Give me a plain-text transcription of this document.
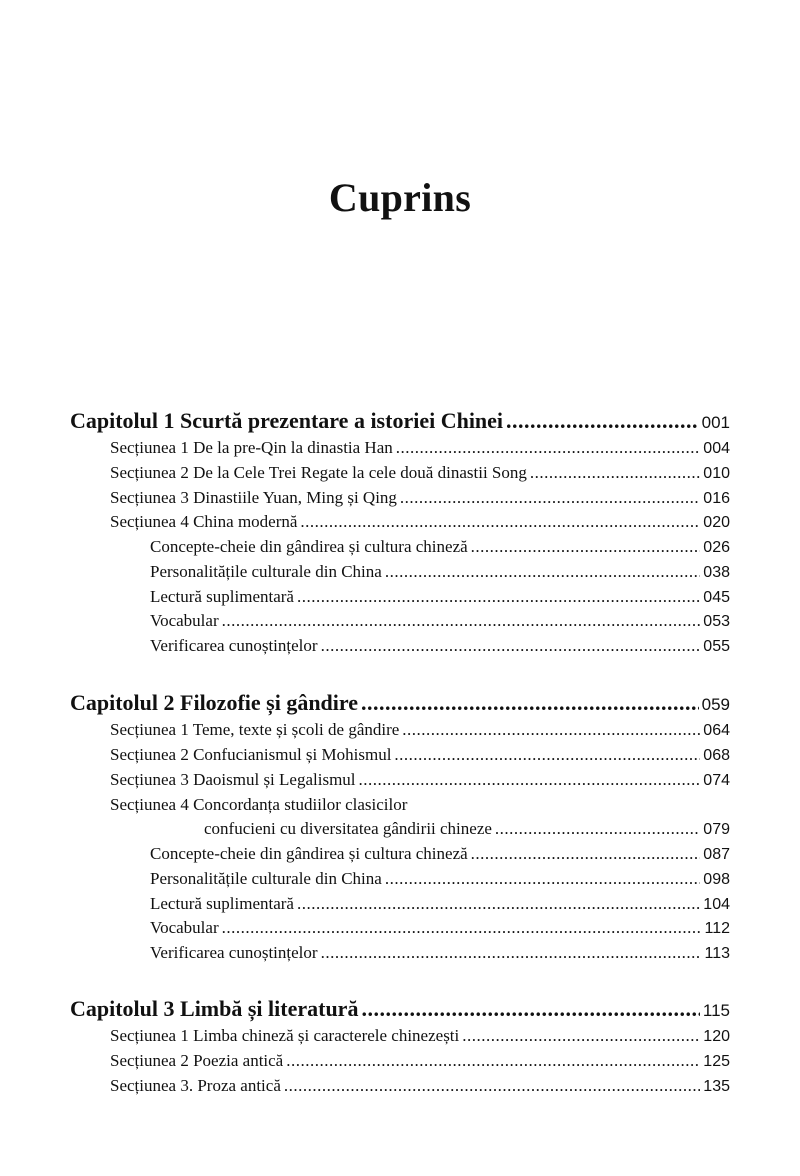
Cuprins
Capitolul 1 Scurtă prezentare a istoriei Chinei .....	001
Secțiunea 1 De la pre-Qin la dinastia Han .....	004
Secțiunea 2 De la Cele Trei Regate la cele două dinastii Song .....	010
Secțiunea 3 Dinastiile Yuan, Ming și Qing .....	016
Secțiunea 4 China modernă .....	020
Concepte-cheie din gândirea și cultura chineză .....	026
Personalitățile culturale din China .....	038
Lectură suplimentară .....	045
Vocabular .....	053
Verificarea cunoștințelor .....	055
Capitolul 2 Filozofie și gândire .....	059
Secțiunea 1 Teme, texte și școli de gândire .....	064
Secțiunea 2 Confucianismul și Mohismul .....	068
Secțiunea 3 Daoismul și Legalismul .....	074
Secțiunea 4 Concordanța studiilor clasicilor
confucieni cu diversitatea gândirii chineze .....	079
Concepte-cheie din gândirea și cultura chineză .....	087
Personalitățile culturale din China .....	098
Lectură suplimentară .....	104
Vocabular .....	112
Verificarea cunoștințelor .....	113
Capitolul 3 Limbă și literatură .....	115
Secțiunea 1 Limba chineză și caracterele chinezești .....	120
Secțiunea 2 Poezia antică .....	125
Secțiunea 3. Proza antică .....	135
